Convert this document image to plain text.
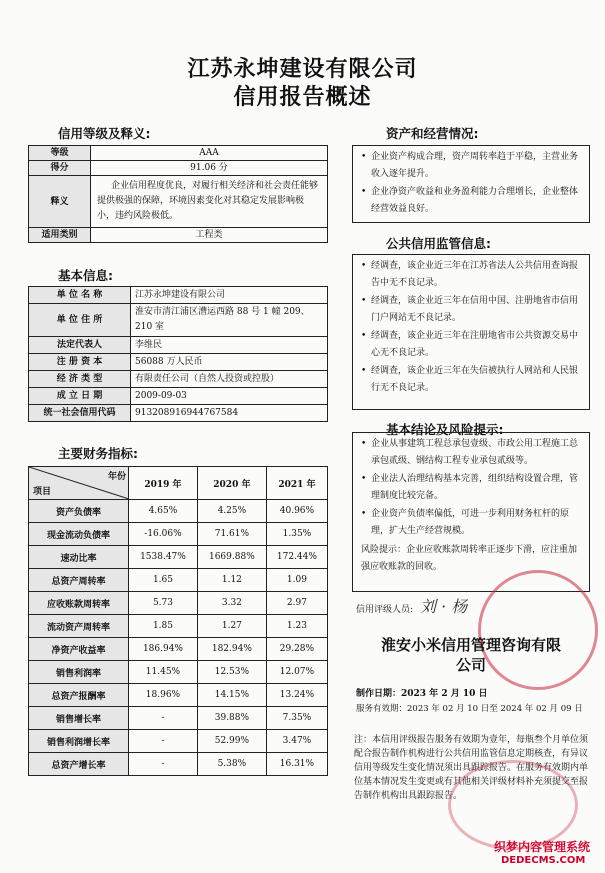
江苏永坤建设有限公司
信用报告概述
信用等级及释义:
等级	AAA
得分	91.06 分
释义	企业信用程度优良，对履行相关经济和社会责任能够提供极强的保障，环境因素变化对其稳定发展影响极小，违约风险极低。
适用类别	工程类
基本信息:
单 位 名 称	江苏永坤建设有限公司
单 位 住 所	淮安市清江浦区漕运西路 88 号 1 幢 209、210 室
法定代表人	李维民
注 册 资 本	56088 万人民币
经 济 类 型	有限责任公司（自然人投资或控股）
成 立 日 期	2009-09-03
统一社会信用代码	913208916944767584
主要财务指标:
年份
项目	2019 年	2020 年	2021 年
资产负债率	4.65%	4.25%	40.96%
现金流动负债率	-16.06%	71.61%	1.35%
速动比率	1538.47%	1669.88%	172.44%
总资产周转率	1.65	1.12	1.09
应收账款周转率	5.73	3.32	2.97
流动资产周转率	1.85	1.27	1.23
净资产收益率	186.94%	182.94%	29.28%
销售利润率	11.45%	12.53%	12.07%
总资产报酬率	18.96%	14.15%	13.24%
销售增长率	-	39.88%	7.35%
销售利润增长率	-	52.99%	3.47%
总资产增长率	-	5.38%	16.31%
资产和经营情况:

• 企业资产构成合理，资产周转率趋于平稳，主营业务收入逐年提升。

• 企业净资产收益和业务盈利能力合理增长，企业整体经营效益良好。

公共信用监管信息:

• 经调查，该企业近三年在江苏省法人公共信用查询报告中无不良记录。

• 经调查，该企业近三年在信用中国、注册地省市信用门户网站无不良记录。

• 经调查，该企业近三年在注册地省市公共资源交易中心无不良记录。

• 经调查，该企业近三年在失信被执行人网站和人民银行无不良记录。

基本结论及风险提示:

• 企业从事建筑工程总承包壹级、市政公用工程施工总承包贰级、钢结构工程专业承包贰级等。

• 企业法人治理结构基本完善，组织结构设置合理，管理制度比较完备。

• 企业资产负债率偏低，可进一步利用财务杠杆的原理，扩大生产经营规模。

风险提示：企业应收账款周转率正逐步下滑，应注重加强应收账款的回收。
信用评级人员: 刘 · 杨
淮安小米信用管理咨询有限
公司
制作日期：2023 年 2 月 10 日
服务有效期：2023 年 02 月 10 日至 2024 年 02 月 09 日
注：本信用评级报告服务有效期为壹年，每瓶叁个月单位须配合报告制作机构进行公共信用监管信息定期核查，有异议信用等级发生变化情况须出具跟踪报告。在服务有效期内单位基本情况发生变更或有其他相关评级材料补充须提交至报告制作机构出具跟踪报告。
织梦内容管理系统
DEDECMS.COM
